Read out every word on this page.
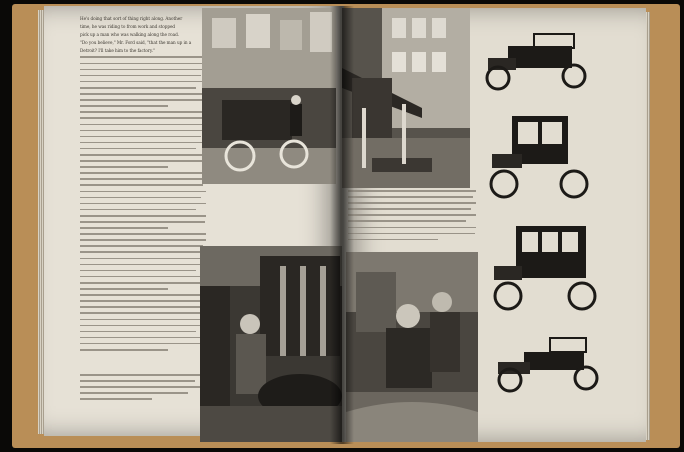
He's doing that sort of thing right along. Another

time, he was riding to from work and stopped

pick up a man who was walking along the road.

"Do you believe," Mr. Ford said, "that the man up in a

Detroit? I'll take him to the factory."
